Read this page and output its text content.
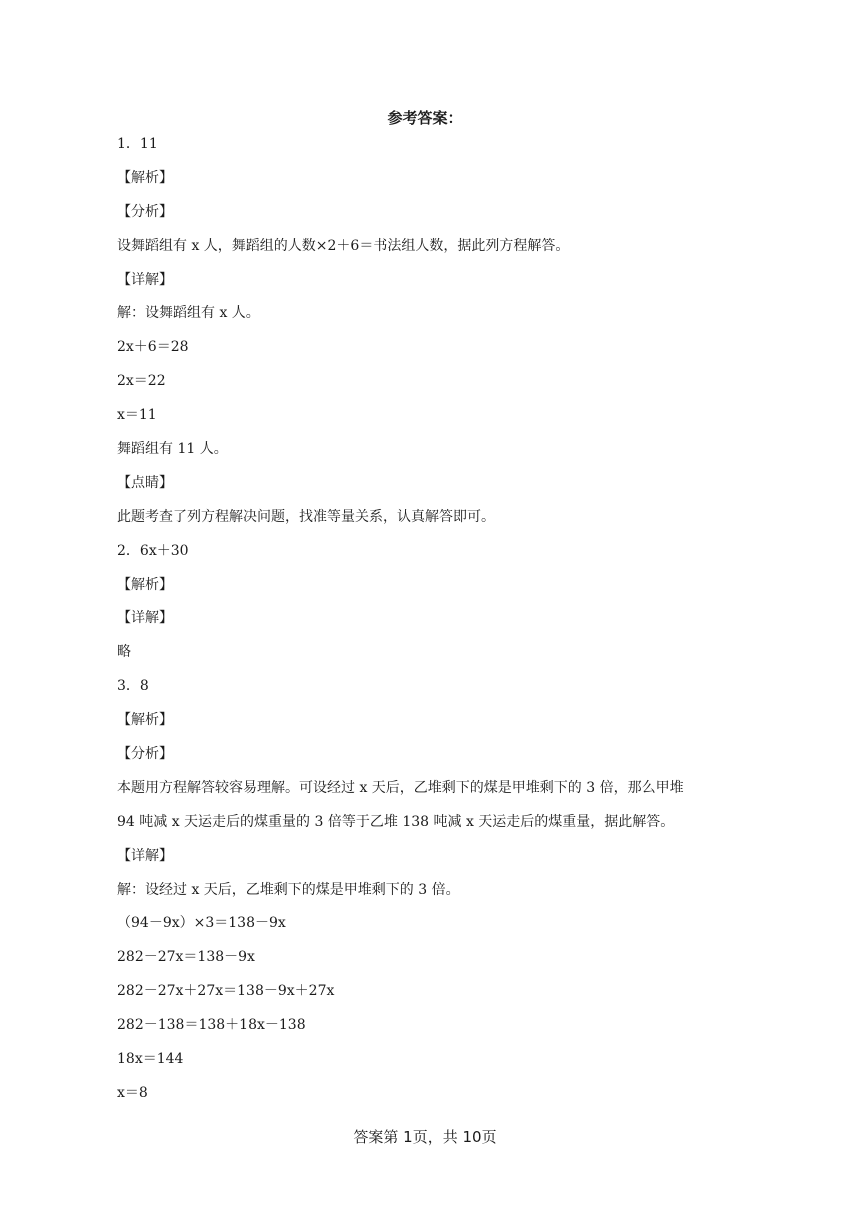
参考答案：
1．11
【解析】
【分析】
设舞蹈组有 x 人，舞蹈组的人数×2＋6＝书法组人数，据此列方程解答。
【详解】
解：设舞蹈组有 x 人。
2x＋6＝28
2x＝22
x＝11
舞蹈组有 11 人。
【点睛】
此题考查了列方程解决问题，找准等量关系，认真解答即可。
2．6x＋30
【解析】
【详解】
略
3．8
【解析】
【分析】
本题用方程解答较容易理解。可设经过 x 天后，乙堆剩下的煤是甲堆剩下的 3 倍，那么甲堆
94 吨减 x 天运走后的煤重量的 3 倍等于乙堆 138 吨减 x 天运走后的煤重量，据此解答。
【详解】
解：设经过 x 天后，乙堆剩下的煤是甲堆剩下的 3 倍。
（94－9x）×3＝138－9x
282－27x＝138－9x
282－27x＋27x＝138－9x＋27x
282－138＝138＋18x－138
18x＝144
x＝8
答案第 1页，共 10页
